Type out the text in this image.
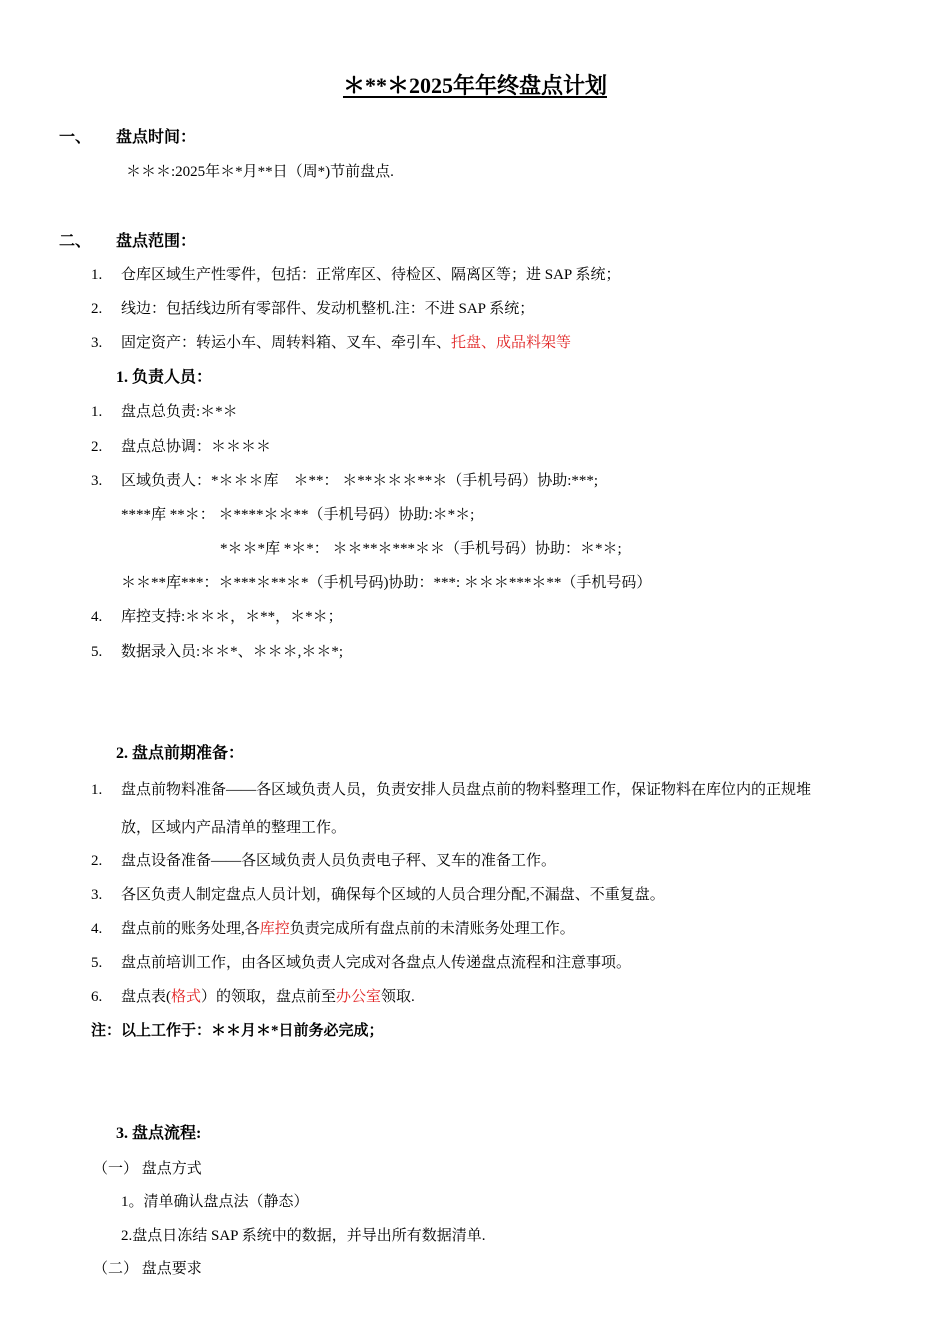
＊**＊2025年年终盘点计划
一、 盘点时间：
＊＊＊:2025年＊*月**日（周*)节前盘点.
二、 盘点范围：
1. 仓库区域生产性零件，包括：正常库区、待检区、隔离区等；进 SAP 系统；
2. 线边：包括线边所有零部件、发动机整机.注：不进 SAP 系统；
3. 固定资产：转运小车、周转料箱、叉车、牵引车、托盘、成品料架等
1. 负责人员：
1. 盘点总负责:＊*＊
2. 盘点总协调：＊＊＊＊
3. 区域负责人：*＊＊＊库　＊**： ＊**＊＊＊**＊（手机号码）协助:***;
****库 **＊： ＊****＊＊**（手机号码）协助:＊*＊;
*＊＊*库 *＊*： ＊＊**＊***＊＊（手机号码）协助：＊*＊;
＊＊**库***：＊***＊**＊*（手机号码)协助：***: ＊＊＊***＊**（手机号码）
4. 库控支持:＊＊＊，＊**，＊*＊；
5. 数据录入员:＊＊*、＊＊＊,＊＊*;
2. 盘点前期准备：
1. 盘点前物料准备——各区域负责人员，负责安排人员盘点前的物料整理工作，保证物料在库位内的正规堆
放，区域内产品清单的整理工作。
2. 盘点设备准备——各区域负责人员负责电子秤、叉车的准备工作。
3. 各区负责人制定盘点人员计划，确保每个区域的人员合理分配,不漏盘、不重复盘。
4. 盘点前的账务处理,各库控负责完成所有盘点前的未清账务处理工作。
5. 盘点前培训工作，由各区域负责人完成对各盘点人传递盘点流程和注意事项。
6. 盘点表(格式）的领取，盘点前至办公室领取.
注：以上工作于：＊＊月＊*日前务必完成；
3. 盘点流程:
（一） 盘点方式
1。清单确认盘点法（静态）
2.盘点日冻结 SAP 系统中的数据，并导出所有数据清单.
（二） 盘点要求
